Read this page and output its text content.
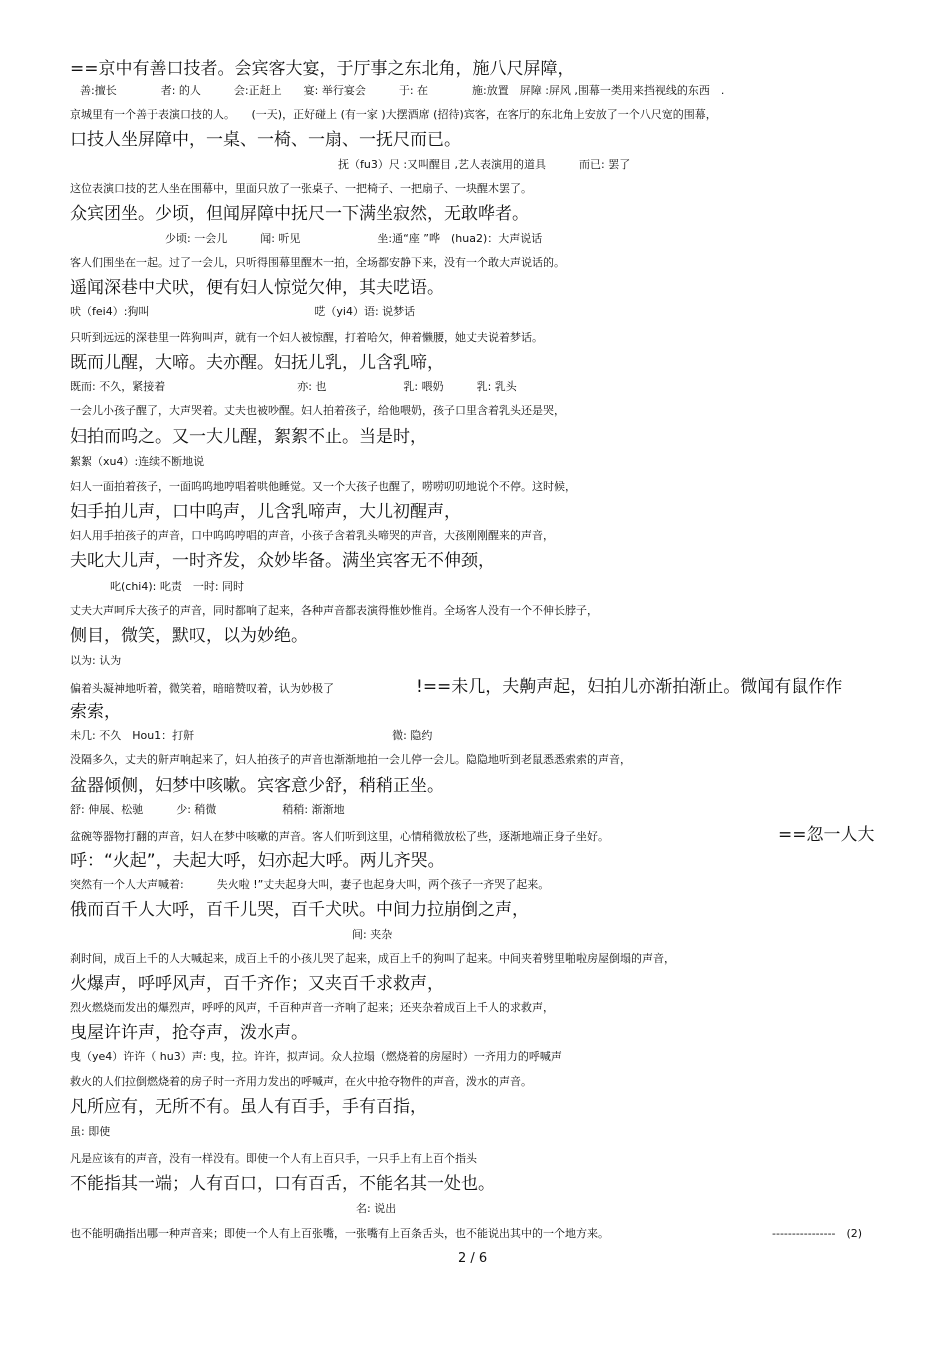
==京中有善口技者。会宾客大宴，于厅事之东北角，施八尺屏障，
善:擅长　　　　者: 的人　　　会:正赶上　　宴: 举行宴会　　　于: 在　　　　施:放置　屏障 :屏风 ,围幕一类用来挡视线的东西　.
京城里有一个善于表演口技的人。　　(一天)，正好碰上 (有一家 )大摆酒席 (招待)宾客，在客厅的东北角上安放了一个八尺宽的围幕，
口技人坐屏障中，一桌、一椅、一扇、一抚尺而已。
抚（fu3）尺 :又叫醒目 ,艺人表演用的道具　　　而已: 罢了
这位表演口技的艺人坐在围幕中，里面只放了一张桌子、一把椅子、一把扇子、一块醒木罢了。
众宾团坐。少顷，但闻屏障中抚尺一下满坐寂然，无敢哗者。
少顷: 一会儿　　　闻: 听见　　　　　　　坐:通“座 ”哗　(hua2)：大声说话
客人们围坐在一起。过了一会儿，只听得围幕里醒木一拍，全场都安静下来，没有一个敢大声说话的。
遥闻深巷中犬吠，便有妇人惊觉欠伸，其夫呓语。
吠（fei4）:狗叫　　　　　　　　　　　　　　　呓（yi4）语: 说梦话
只听到远远的深巷里一阵狗叫声，就有一个妇人被惊醒，打着哈欠，伸着懒腰，她丈夫说着梦话。
既而儿醒，大啼。夫亦醒。妇抚儿乳，儿含乳啼，
既而: 不久，紧接着　　　　　　　　　　　　亦: 也　　　　　　　乳: 喂奶　　　乳: 乳头
一会儿小孩子醒了，大声哭着。丈夫也被吵醒。妇人拍着孩子，给他喂奶，孩子口里含着乳头还是哭，
妇拍而呜之。又一大儿醒，絮絮不止。当是时，
絮絮（xu4）:连续不断地说
妇人一面拍着孩子，一面呜呜地哼唱着哄他睡觉。又一个大孩子也醒了，唠唠叨叨地说个不停。这时候，
妇手拍儿声，口中呜声，儿含乳啼声，大儿初醒声，
妇人用手拍孩子的声音，口中呜呜哼唱的声音，小孩子含着乳头啼哭的声音，大孩刚刚醒来的声音，
夫叱大儿声，一时齐发，众妙毕备。满坐宾客无不伸颈，
叱(chi4): 叱责　一时: 同时
丈夫大声呵斥大孩子的声音，同时都响了起来，各种声音都表演得惟妙惟肖。全场客人没有一个不伸长脖子，
侧目，微笑，默叹，以为妙绝。
以为: 认为
偏着头凝神地听着，微笑着，暗暗赞叹着，认为妙极了	!==未几，夫齁声起，妇拍儿亦渐拍渐止。微闻有鼠作作
索索，
未几: 不久　Hou1：打鼾　　　　　　　　　　　　　　　　　　微: 隐约
没隔多久，丈夫的鼾声响起来了，妇人拍孩子的声音也渐渐地拍一会儿停一会儿。隐隐地听到老鼠悉悉索索的声音，
盆器倾侧，妇梦中咳嗽。宾客意少舒，稍稍正坐。
舒: 伸展、松驰　　　少: 稍微　　　　　　稍稍: 渐渐地
盆碗等器物打翻的声音，妇人在梦中咳嗽的声音。客人们听到这里，心情稍微放松了些，逐渐地端正身子坐好。	==忽一人大
呼：“火起”，夫起大呼，妇亦起大呼。两儿齐哭。
突然有一个人大声喊着:　　　失火啦 !”丈夫起身大叫，妻子也起身大叫，两个孩子一齐哭了起来。
俄而百千人大呼，百千儿哭，百千犬吠。中间力拉崩倒之声，
间: 夹杂
刹时间，成百上千的人大喊起来，成百上千的小孩儿哭了起来，成百上千的狗叫了起来。中间夹着劈里啪啦房屋倒塌的声音，
火爆声，呼呼风声，百千齐作；又夹百千求救声，
烈火燃烧而发出的爆烈声，呼呼的风声，千百种声音一齐响了起来；还夹杂着成百上千人的求救声，
曳屋许许声，抢夺声，泼水声。
曳（ye4）许许（ hu3）声: 曳，拉。许许，拟声词。众人拉塌（燃烧着的房屋时）一齐用力的呼喊声
救火的人们拉倒燃烧着的房子时一齐用力发出的呼喊声，在火中抢夺物件的声音，泼水的声音。
凡所应有，无所不有。虽人有百手，手有百指，
虽: 即使
凡是应该有的声音，没有一样没有。即使一个人有上百只手，一只手上有上百个指头
不能指其一端；人有百口，口有百舌，不能名其一处也。
名: 说出
也不能明确指出哪一种声音来；即使一个人有上百张嘴，一张嘴有上百条舌头，也不能说出其中的一个地方来。	----------------　(2)
2 / 6
